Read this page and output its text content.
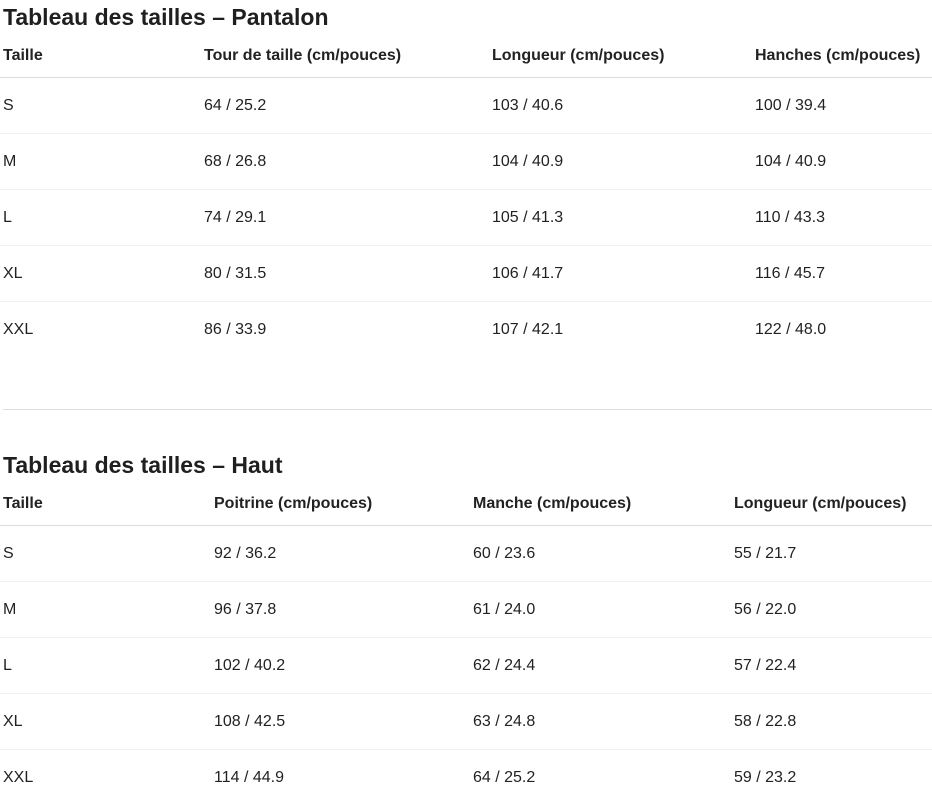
Tableau des tailles – Pantalon
Taille	Tour de taille (cm/pouces)	Longueur (cm/pouces)	Hanches (cm/pouces)
S	64 / 25.2	103 / 40.6	100 / 39.4
M	68 / 26.8	104 / 40.9	104 / 40.9
L	74 / 29.1	105 / 41.3	110 / 43.3
XL	80 / 31.5	106 / 41.7	116 / 45.7
XXL	86 / 33.9	107 / 42.1	122 / 48.0
Tableau des tailles – Haut
Taille	Poitrine (cm/pouces)	Manche (cm/pouces)	Longueur (cm/pouces)
S	92 / 36.2	60 / 23.6	55 / 21.7
M	96 / 37.8	61 / 24.0	56 / 22.0
L	102 / 40.2	62 / 24.4	57 / 22.4
XL	108 / 42.5	63 / 24.8	58 / 22.8
XXL	114 / 44.9	64 / 25.2	59 / 23.2
